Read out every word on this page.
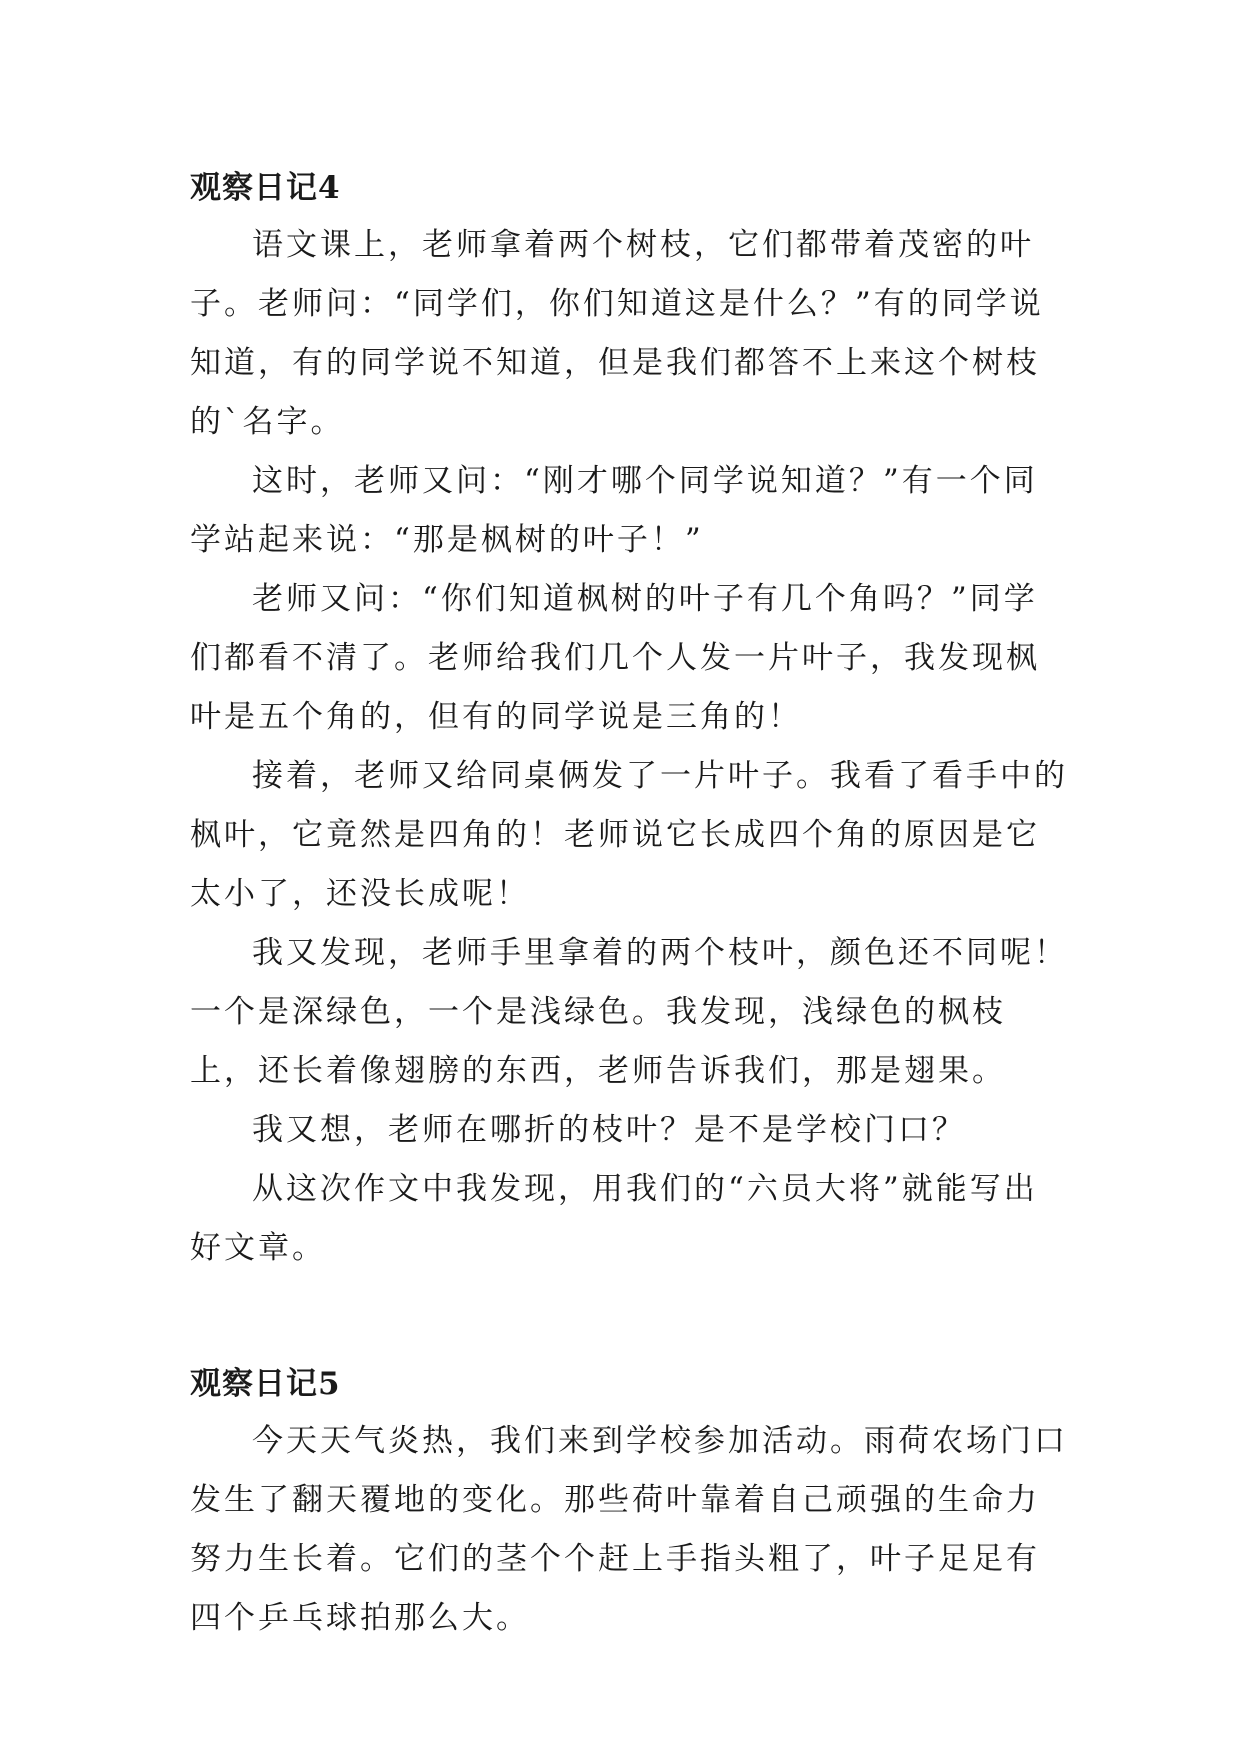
观察日记4

语文课上，老师拿着两个树枝，它们都带着茂密的叶子。老师问：“同学们，你们知道这是什么？”有的同学说知道，有的同学说不知道，但是我们都答不上来这个树枝的`名字。

这时，老师又问：“刚才哪个同学说知道？”有一个同学站起来说：“那是枫树的叶子！”

老师又问：“你们知道枫树的叶子有几个角吗？”同学们都看不清了。老师给我们几个人发一片叶子，我发现枫叶是五个角的，但有的同学说是三角的！

接着，老师又给同桌俩发了一片叶子。我看了看手中的枫叶，它竟然是四角的！老师说它长成四个角的原因是它太小了，还没长成呢！

我又发现，老师手里拿着的两个枝叶，颜色还不同呢！一个是深绿色，一个是浅绿色。我发现，浅绿色的枫枝上，还长着像翅膀的东西，老师告诉我们，那是翅果。

我又想，老师在哪折的枝叶？是不是学校门口？

从这次作文中我发现，用我们的“六员大将”就能写出好文章。

观察日记5

今天天气炎热，我们来到学校参加活动。雨荷农场门口发生了翻天覆地的变化。那些荷叶靠着自己顽强的生命力努力生长着。它们的茎个个赶上手指头粗了，叶子足足有四个乒乓球拍那么大。
